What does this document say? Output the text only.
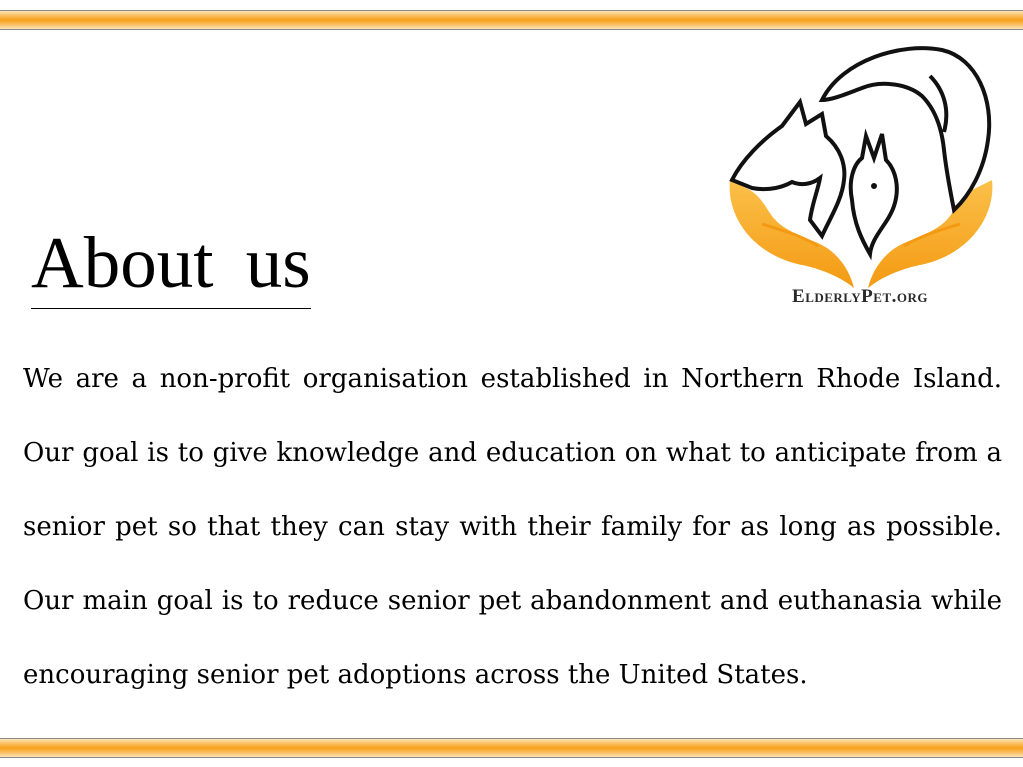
About us	ElderlyPet.org

We are a non-profit organisation established in Northern Rhode Island. Our goal is to give knowledge and education on what to anticipate from a senior pet so that they can stay with their family for as long as possible. Our main goal is to reduce senior pet abandonment and euthanasia while encouraging senior pet adoptions across the United States.
